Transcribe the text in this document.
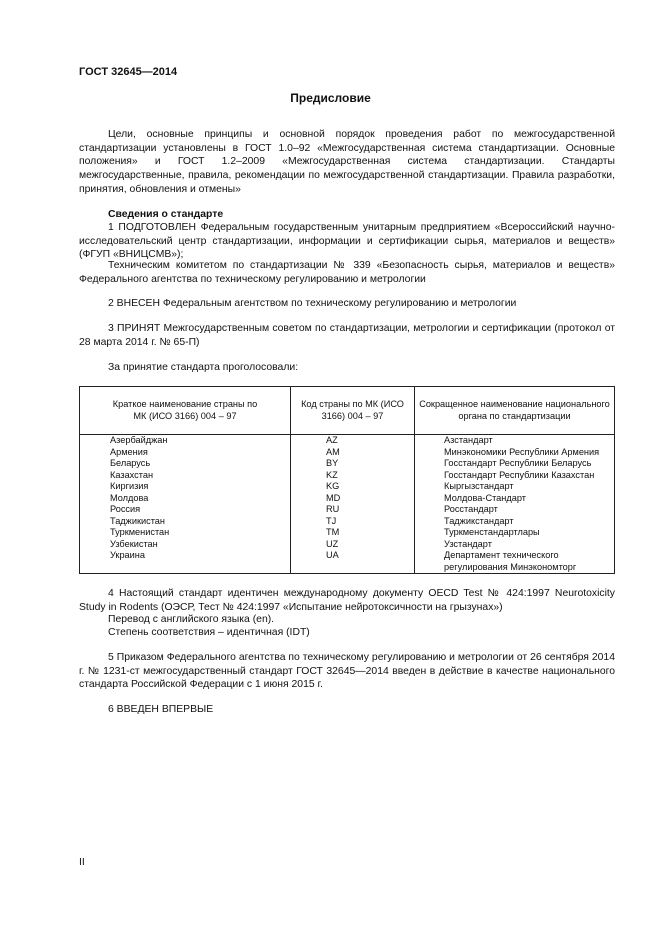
ГОСТ 32645—2014
Предисловие
Цели, основные принципы и основной порядок проведения работ по межгосударственной стандартизации установлены в ГОСТ 1.0–92 «Межгосударственная система стандартизации. Основные положения» и ГОСТ 1.2–2009 «Межгосударственная система стандартизации. Стандарты межгосударственные, правила, рекомендации по межгосударственной стандартизации. Правила разработки, принятия, обновления и отмены»
Сведения о стандарте
1 ПОДГОТОВЛЕН Федеральным государственным унитарным предприятием «Всероссийский научно-исследовательский центр стандартизации, информации и сертификации сырья, материалов и веществ» (ФГУП «ВНИЦСМВ»);
Техническим комитетом по стандартизации № 339 «Безопасность сырья, материалов и веществ» Федерального агентства по техническому регулированию и метрологии
2 ВНЕСЕН Федеральным агентством по техническому регулированию и метрологии
3 ПРИНЯТ Межгосударственным советом по стандартизации, метрологии и сертификации (протокол от 28 марта 2014 г. № 65-П)
За принятие стандарта проголосовали:
Краткое наименование страны по МК (ИСО 3166) 004 – 97	Код страны по МК (ИСО 3166) 004 – 97	Сокращенное наименование национального органа по стандартизации
Азербайджан	AZ	Азстандарт
Армения	AM	Минэкономики Республики Армения
Беларусь	BY	Госстандарт Республики Беларусь
Казахстан	KZ	Госстандарт Республики Казахстан
Киргизия	KG	Кыргызстандарт
Молдова	MD	Молдова-Стандарт
Россия	RU	Росстандарт
Таджикистан	TJ	Таджикстандарт
Туркменистан	TM	Туркменстандартлары
Узбекистан	UZ	Узстандарт
Украина	UA	Департамент технического регулирования Минэкономторг
4 Настоящий стандарт идентичен международному документу OECD Test № 424:1997 Neurotoxicity Study in Rodents (ОЭСР, Тест № 424:1997 «Испытание нейротоксичности на грызунах»)
Перевод с английского языка (en).
Степень соответствия – идентичная (IDT)
5 Приказом Федерального агентства по техническому регулированию и метрологии от 26 сентября 2014 г. № 1231-ст межгосударственный стандарт ГОСТ 32645—2014 введен в действие в качестве национального стандарта Российской Федерации с 1 июня 2015 г.
6 ВВЕДЕН ВПЕРВЫЕ
II
